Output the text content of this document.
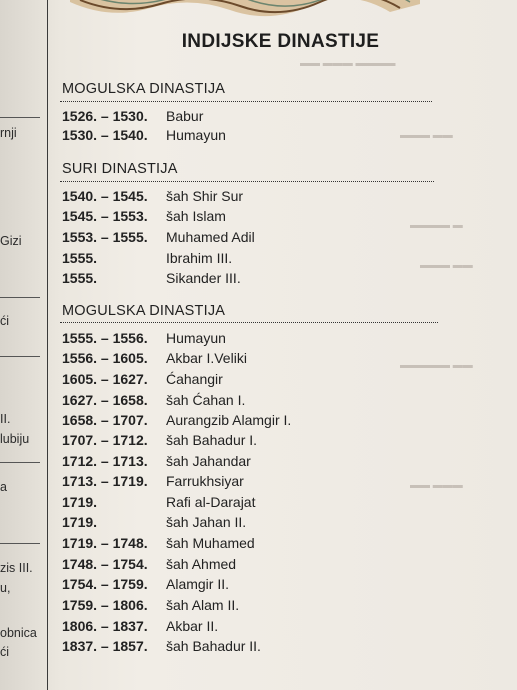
▬▬ ▬▬▬ ▬▬▬▬
▬▬▬ ▬▬
▬▬▬▬ ▬
▬▬▬ ▬▬
▬▬▬▬▬ ▬▬
▬▬ ▬▬▬
rnji
Gizi
ći
II.
lubiju
a
zis III.
u,
obnica
ći
INDIJSKE DINASTIJE
MOGULSKA DINASTIJA
1526. – 1530. Babur
1530. – 1540. Humayun
SURI DINASTIJA
1540. – 1545. šah Shir Sur
1545. – 1553. šah Islam
1553. – 1555. Muhamed Adil
1555.	Ibrahim III.
1555.	Sikander III.
MOGULSKA DINASTIJA
1555. – 1556. Humayun
1556. – 1605. Akbar I.Veliki
1605. – 1627. Ćahangir
1627. – 1658. šah Ćahan I.
1658. – 1707. Aurangzib Alamgir I.
1707. – 1712. šah Bahadur I.
1712. – 1713. šah Jahandar
1713. – 1719. Farrukhsiyar
1719.	Rafi al-Darajat
1719.	šah Jahan II.
1719. – 1748. šah Muhamed
1748. – 1754. šah Ahmed
1754. – 1759. Alamgir II.
1759. – 1806. šah Alam II.
1806. – 1837. Akbar II.
1837. – 1857. šah Bahadur II.
